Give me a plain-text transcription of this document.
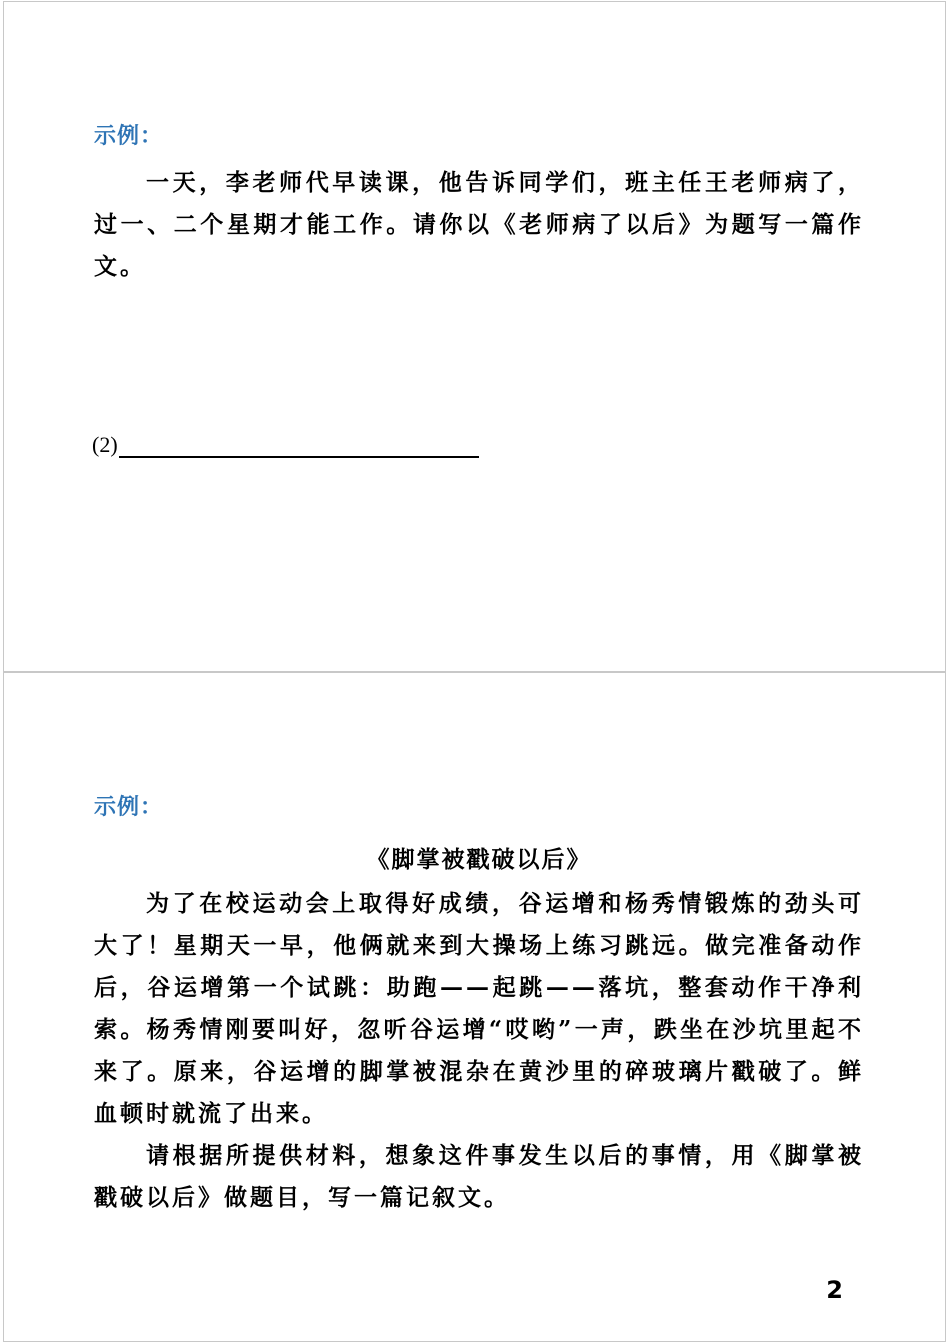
示例：

一天，李老师代早读课，他告诉同学们，班主任王老师病了，过一、二个星期才能工作。请你以《老师病了以后》为题写一篇作文。

(2)
示例：
《脚掌被戳破以后》

为了在校运动会上取得好成绩，谷运增和杨秀情锻炼的劲头可大了！星期天一早，他俩就来到大操场上练习跳远。做完准备动作后，谷运增第一个试跳：助跑——起跳——落坑，整套动作干净利索。杨秀情刚要叫好，忽听谷运增“哎哟”一声，跌坐在沙坑里起不来了。原来，谷运增的脚掌被混杂在黄沙里的碎玻璃片戳破了。鲜血顿时就流了出来。

请根据所提供材料，想象这件事发生以后的事情，用《脚掌被戳破以后》做题目，写一篇记叙文。

2
